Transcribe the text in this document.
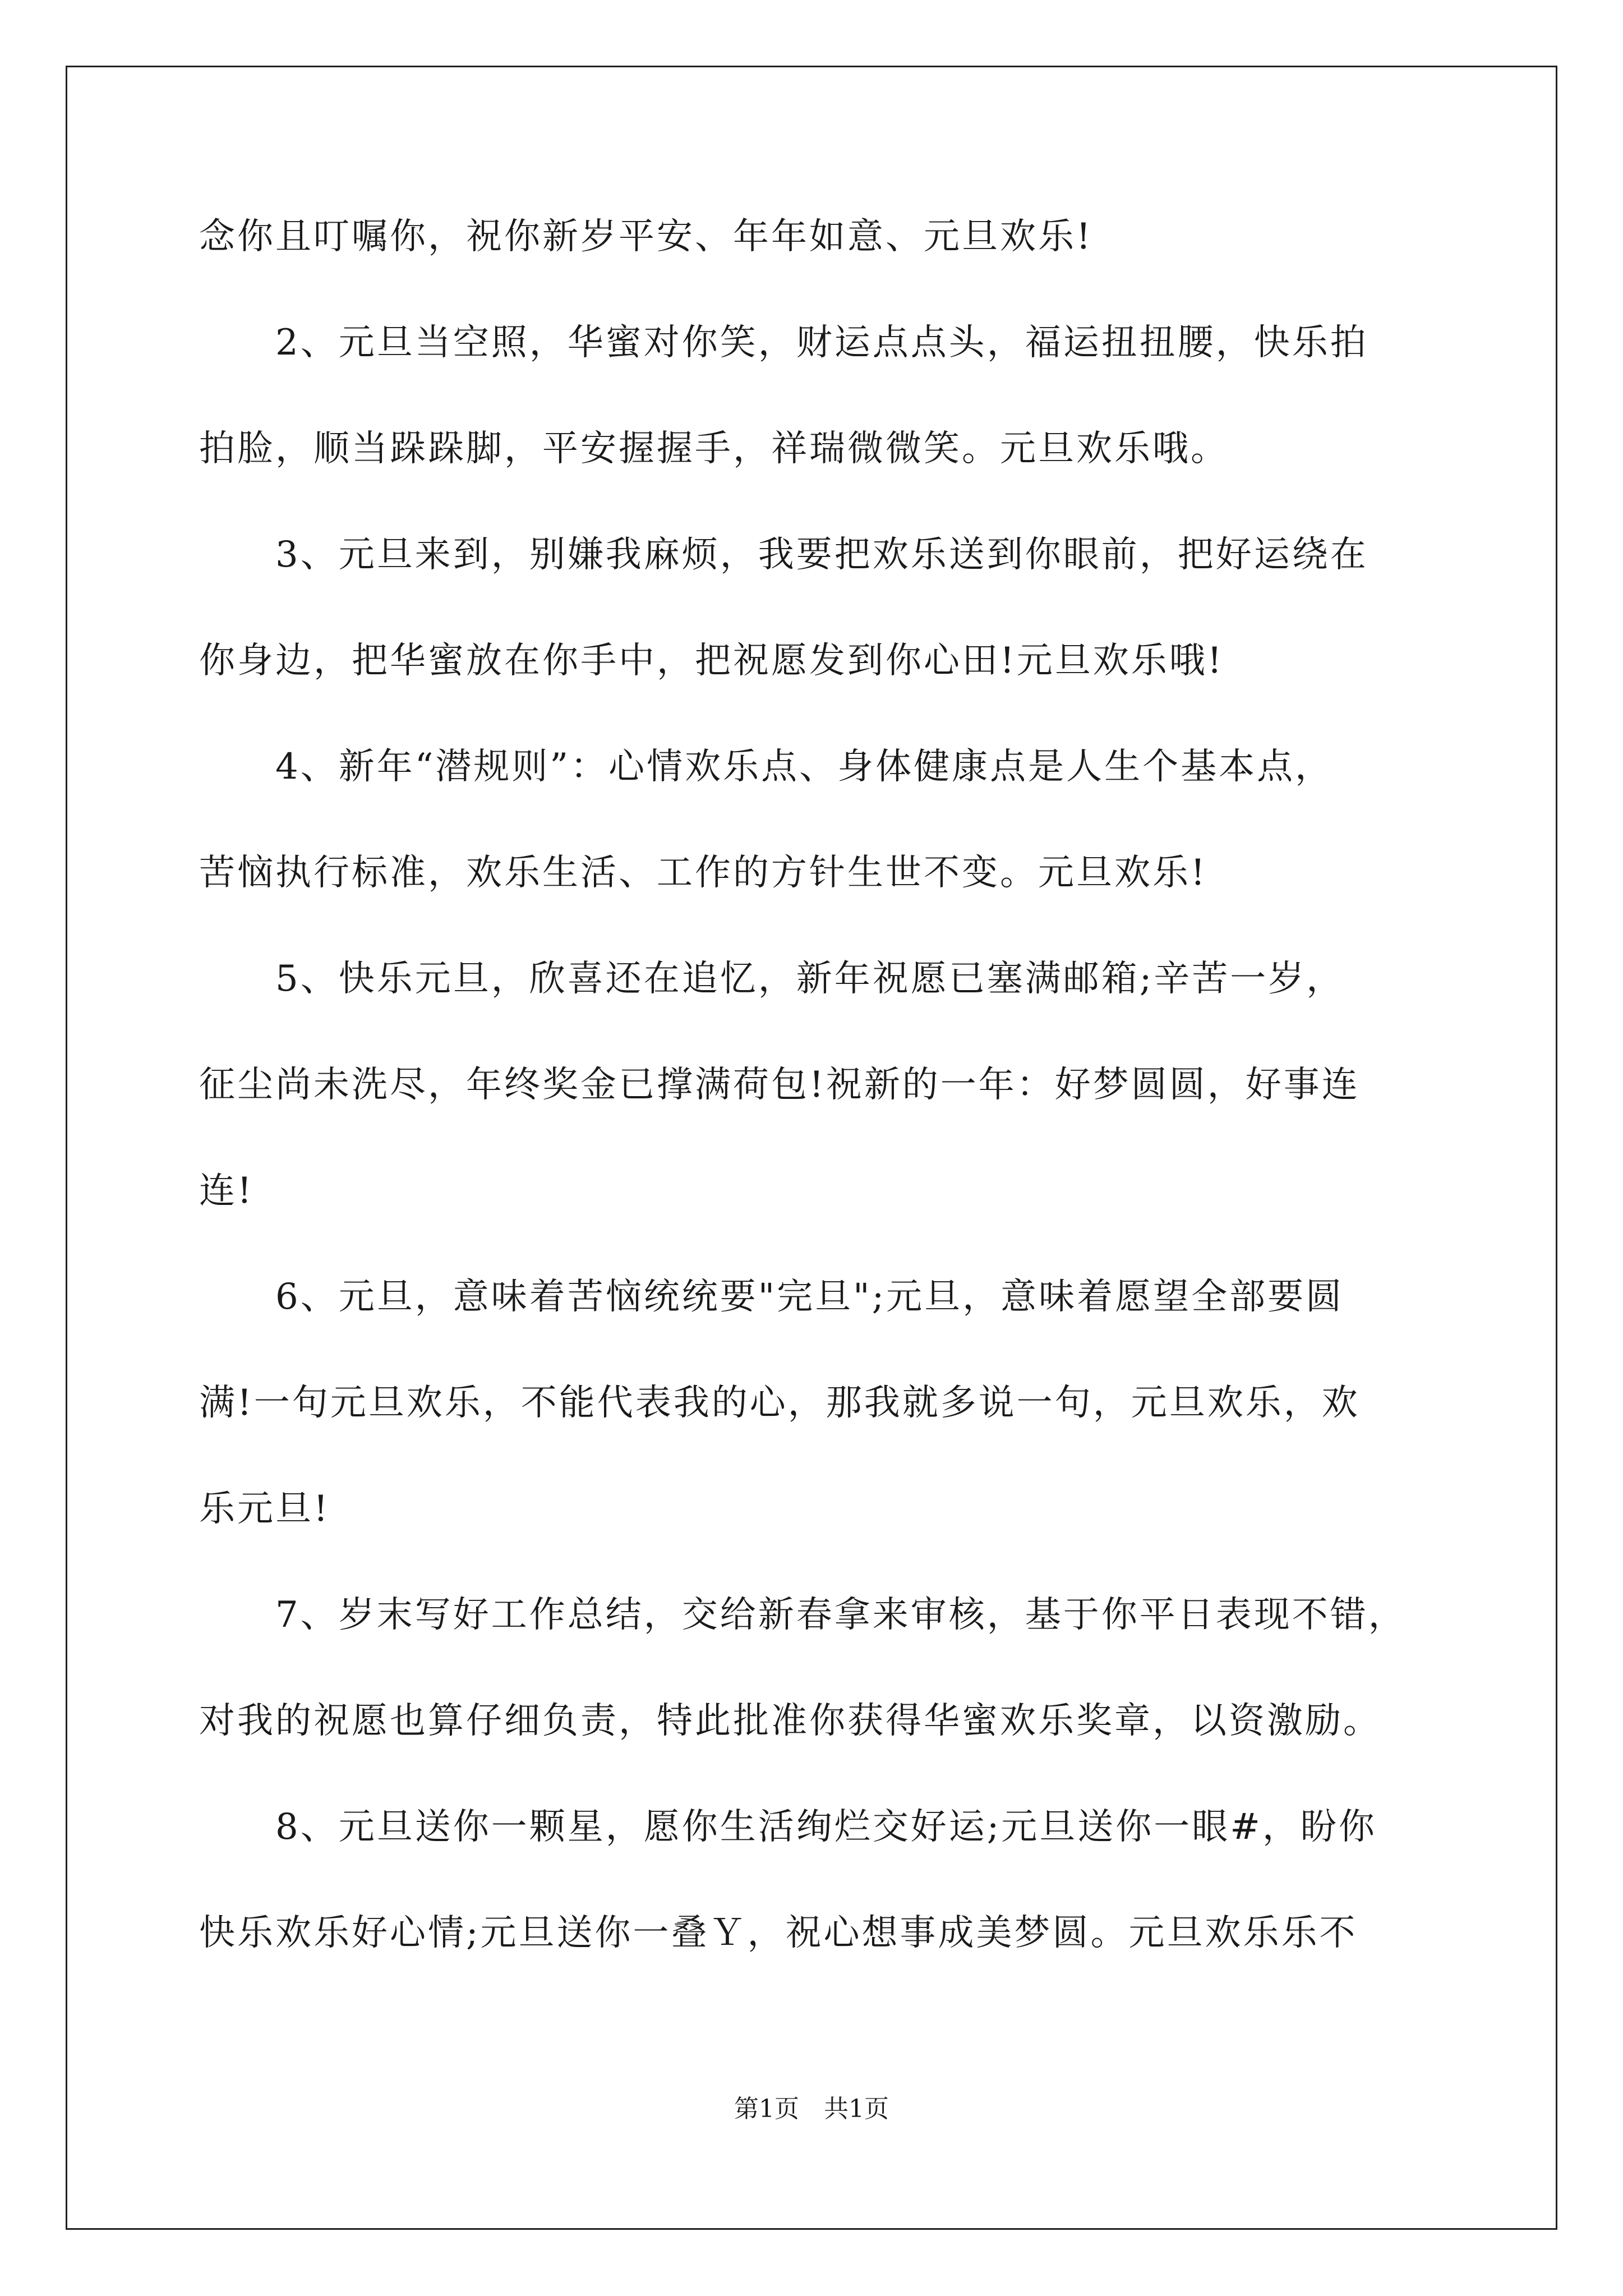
念你且叮嘱你，祝你新岁平安、年年如意、元旦欢乐!
　　2、元旦当空照，华蜜对你笑，财运点点头，福运扭扭腰，快乐拍
拍脸，顺当跺跺脚，平安握握手，祥瑞微微笑。元旦欢乐哦。
　　3、元旦来到，别嫌我麻烦，我要把欢乐送到你眼前，把好运绕在
你身边，把华蜜放在你手中，把祝愿发到你心田!元旦欢乐哦!
　　4、新年“潜规则”：心情欢乐点、身体健康点是人生个基本点，
苦恼执行标准，欢乐生活、工作的方针生世不变。元旦欢乐!
　　5、快乐元旦，欣喜还在追忆，新年祝愿已塞满邮箱;辛苦一岁，
征尘尚未洗尽，年终奖金已撑满荷包!祝新的一年：好梦圆圆，好事连
连!
　　6、元旦，意味着苦恼统统要"完旦";元旦，意味着愿望全部要圆
满!一句元旦欢乐，不能代表我的心，那我就多说一句，元旦欢乐，欢
乐元旦!
　　7、岁末写好工作总结，交给新春拿来审核，基于你平日表现不错，
对我的祝愿也算仔细负责，特此批准你获得华蜜欢乐奖章，以资激励。
　　8、元旦送你一颗星，愿你生活绚烂交好运;元旦送你一眼#，盼你
快乐欢乐好心情;元旦送你一叠Ｙ，祝心想事成美梦圆。元旦欢乐乐不
第1页　共1页
